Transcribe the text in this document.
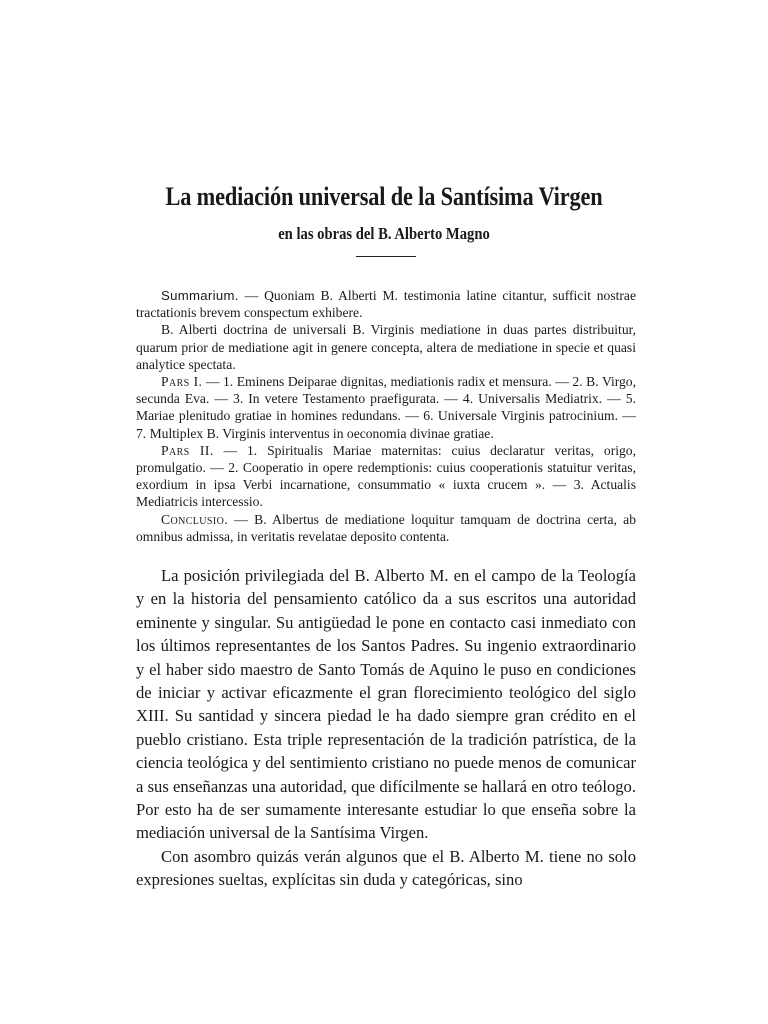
La mediación universal de la Santísima Virgen
en las obras del B. Alberto Magno

Summarium. — Quoniam B. Alberti M. testimonia latine citantur, sufficit nostrae tractationis brevem conspectum exhibere.

B. Alberti doctrina de universali B. Virginis mediatione in duas partes distribuitur, quarum prior de mediatione agit in genere concepta, altera de mediatione in specie et quasi analytice spectata.

Pars I. — 1. Eminens Deiparae dignitas, mediationis radix et mensura. — 2. B. Virgo, secunda Eva. — 3. In vetere Testamento praefigurata. — 4. Universalis Mediatrix. — 5. Mariae plenitudo gratiae in homines redundans. — 6. Universale Virginis patrocinium. — 7. Multiplex B. Virginis interventus in oeconomia divinae gratiae.

Pars II. — 1. Spiritualis Mariae maternitas: cuius declaratur veritas, origo, promulgatio. — 2. Cooperatio in opere redemptionis: cuius cooperationis statuitur veritas, exordium in ipsa Verbi incarnatione, consummatio « iuxta crucem ». — 3. Actualis Mediatricis intercessio.

Conclusio. — B. Albertus de mediatione loquitur tamquam de doctrina certa, ab omnibus admissa, in veritatis revelatae deposito contenta.

La posición privilegiada del B. Alberto M. en el campo de la Teología y en la historia del pensamiento católico da a sus escritos una autoridad eminente y singular. Su antigüedad le pone en contacto casi inmediato con los últimos representantes de los Santos Padres. Su ingenio extraordinario y el haber sido maestro de Santo Tomás de Aquino le puso en condiciones de iniciar y activar eficazmente el gran florecimiento teológico del siglo XIII. Su santidad y sincera piedad le ha dado siempre gran crédito en el pueblo cristiano. Esta triple representación de la tradición patrística, de la ciencia teológica y del sentimiento cristiano no puede menos de comunicar a sus enseñanzas una autoridad, que difícilmente se hallará en otro teólogo. Por esto ha de ser sumamente interesante estudiar lo que enseña sobre la mediación universal de la Santísima Virgen.

Con asombro quizás verán algunos que el B. Alberto M. tiene no solo expresiones sueltas, explícitas sin duda y categóricas, sino
